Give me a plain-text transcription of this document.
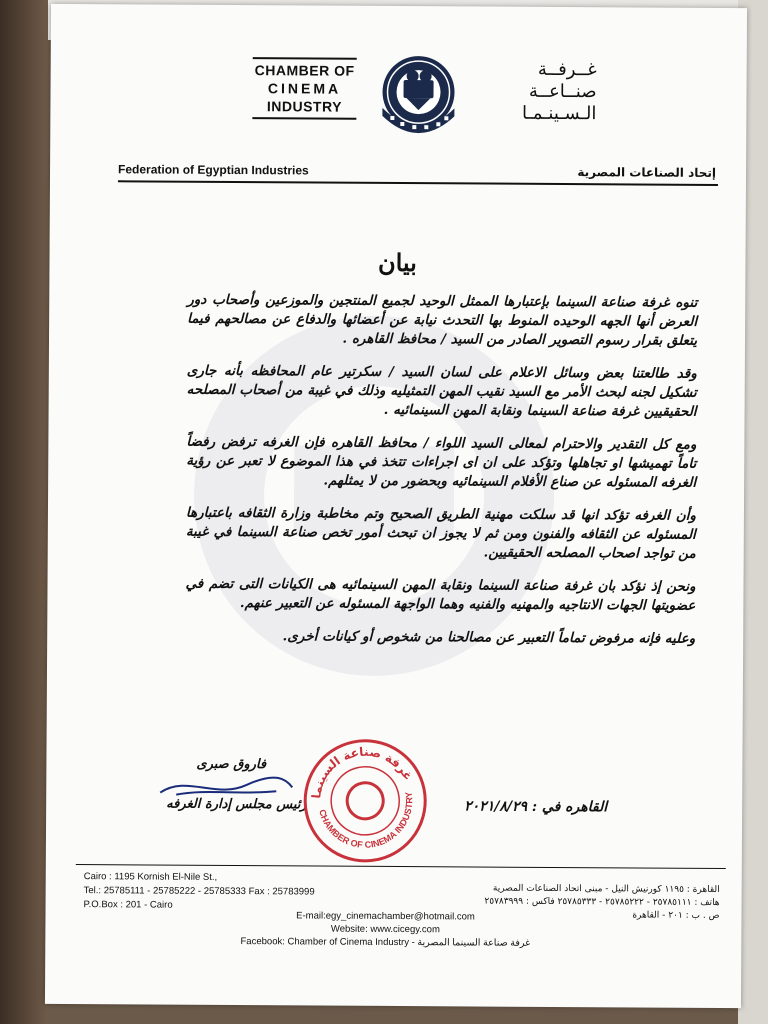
CHAMBER OF
CINEMA
INDUSTRY
غــرفــة
صنــاعــة
الـسـينـمـا
Federation of Egyptian Industries	إتحاد الصناعات المصرية
بيان

تنوه غرفة صناعة السينما بإعتبارها الممثل الوحيد لجميع المنتجين والموزعين وأصحاب دور العرض أنها الجهه الوحيده المنوط بها التحدث نيابة عن أعضائها والدفاع عن مصالحهم فيما يتعلق بقرار رسوم التصوير الصادر من السيد / محافظ القاهره .

وقد طالعتنا بعض وسائل الاعلام على لسان السيد / سكرتير عام المحافظه بأنه جارى تشكيل لجنه لبحث الأمر مع السيد نقيب المهن التمثيليه وذلك في غيبة من أصحاب المصلحه الحقيقيين غرفة صناعة السينما ونقابة المهن السينمائيه .

ومع كل التقدير والاحترام لمعالى السيد اللواء / محافظ القاهره فإن الغرفه ترفض رفضاً تاماً تهميشها او تجاهلها وتؤكد على ان اى اجراءات تتخذ في هذا الموضوع لا تعبر عن رؤية الغرفه المسئوله عن صناع الأفلام السينمائيه وبحضور من لا يمثلهم.

وأن الغرفه تؤكد انها قد سلكت مهنية الطريق الصحيح وتم مخاطبة وزارة الثقافه باعتبارها المسئوله عن الثقافه والفنون ومن ثم لا يجوز ان تبحث أمور تخص صناعة السينما في غيبة من تواجد اصحاب المصلحه الحقيقيين.

ونحن إذ نؤكد بان غرفة صناعة السينما ونقابة المهن السينمائيه هى الكيانات التى تضم في عضويتها الجهات الانتاجيه والمهنيه والفنيه وهما الواجهة المسئوله عن التعبير عنهم.

وعليه فإنه مرفوض تماماً التعبير عن مصالحنا من شخوص أو كيانات أخرى.

فاروق صبرى
رئيس مجلس إدارة الغرفه	القاهره في : ٢٠٢١/٨/٢٩
غرفة صناعة السينما
CHAMBER OF CINEMA INDUSTRY
Cairo : 1195 Kornish El-Nile St.,
Tel.: 25785111 - 25785222 - 25785333 Fax : 25783999
P.O.Box : 201 - Cairo
القاهرة : ١١٩٥ كورنيش النيل - مبنى اتحاد الصناعات المصرية
هاتف : ٢٥٧٨٥١١١ - ٢٥٧٨٥٢٢٢ - ٢٥٧٨٥٣٣٣ فاكس : ٢٥٧٨٣٩٩٩
ص . ب : ٢٠١ - القاهرة
E-mail:egy_cinemachamber@hotmail.com
Website: www.cicegy.com
Facebook: Chamber of Cinema Industry - غرفة صناعة السينما المصرية
